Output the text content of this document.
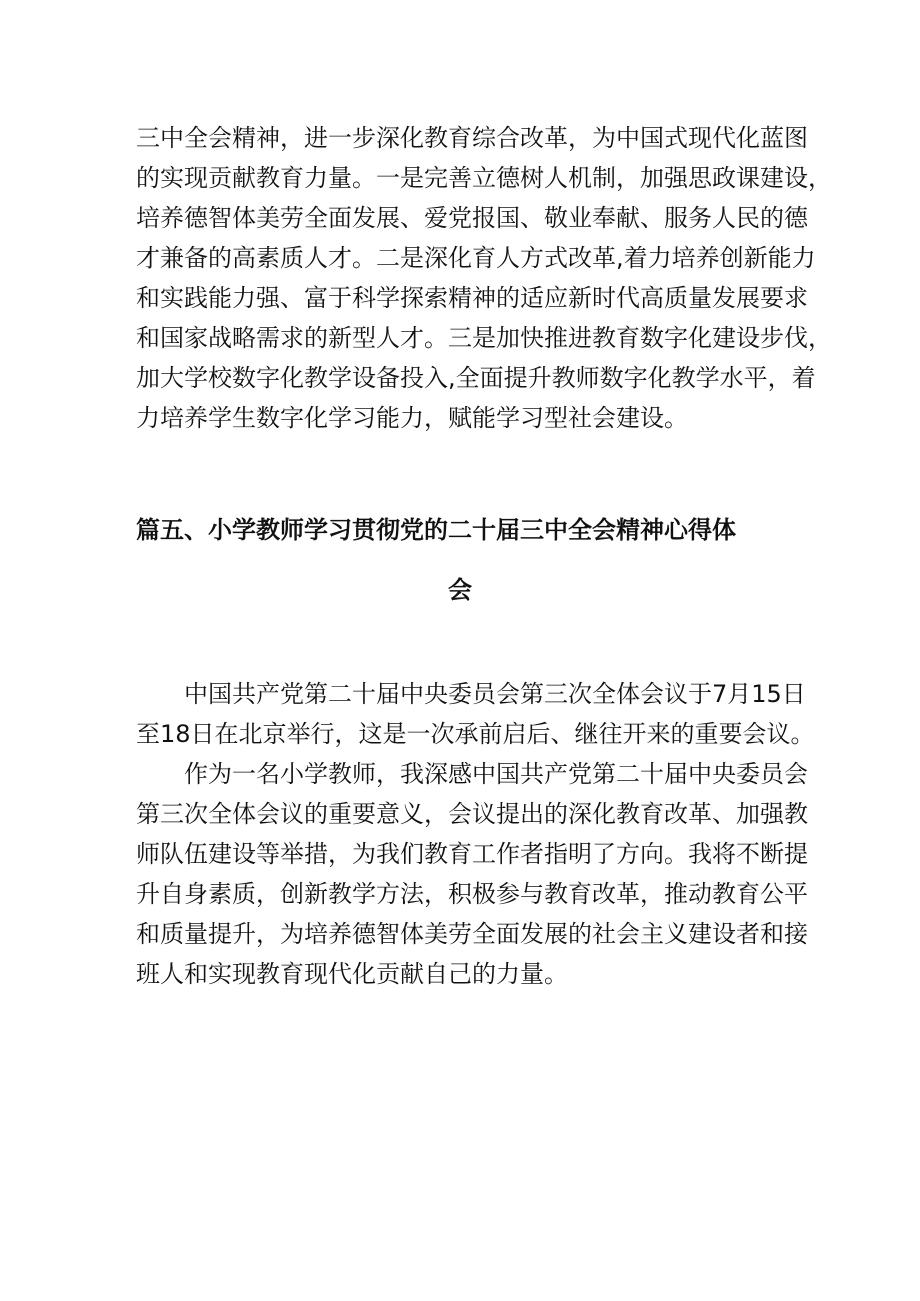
三中全会精神，进一步深化教育综合改革，为中国式现代化蓝图
的实现贡献教育力量。一是完善立德树人机制，加强思政课建设，
培养德智体美劳全面发展、爱党报国、敬业奉献、服务人民的德
才兼备的高素质人才。二是深化育人方式改革,着力培养创新能力
和实践能力强、富于科学探索精神的适应新时代高质量发展要求
和国家战略需求的新型人才。三是加快推进教育数字化建设步伐，
加大学校数字化教学设备投入,全面提升教师数字化教学水平，着
力培养学生数字化学习能力，赋能学习型社会建设。
篇五、小学教师学习贯彻党的二十届三中全会精神心得体
会
中国共产党第二十届中央委员会第三次全体会议于7月15日
至18日在北京举行，这是一次承前启后、继往开来的重要会议。
作为一名小学教师，我深感中国共产党第二十届中央委员会
第三次全体会议的重要意义，会议提出的深化教育改革、加强教
师队伍建设等举措，为我们教育工作者指明了方向。我将不断提
升自身素质，创新教学方法，积极参与教育改革，推动教育公平
和质量提升，为培养德智体美劳全面发展的社会主义建设者和接
班人和实现教育现代化贡献自己的力量。
